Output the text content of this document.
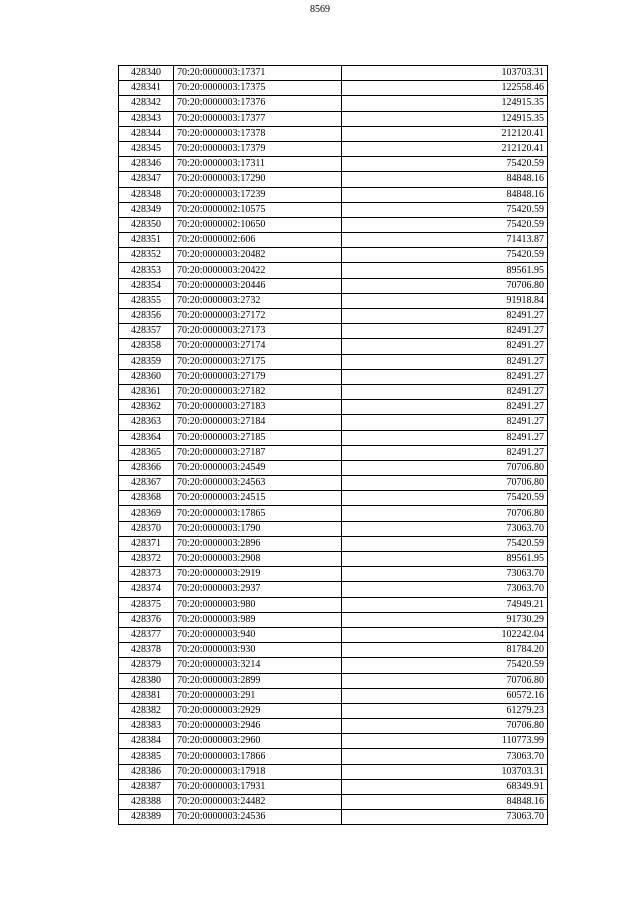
8569
428340	70:20:0000003:17371	103703.31
428341	70:20:0000003:17375	122558.46
428342	70:20:0000003:17376	124915.35
428343	70:20:0000003:17377	124915.35
428344	70:20:0000003:17378	212120.41
428345	70:20:0000003:17379	212120.41
428346	70:20:0000003:17311	75420.59
428347	70:20:0000003:17290	84848.16
428348	70:20:0000003:17239	84848.16
428349	70:20:0000002:10575	75420.59
428350	70:20:0000002:10650	75420.59
428351	70:20:0000002:606	71413.87
428352	70:20:0000003:20482	75420.59
428353	70:20:0000003:20422	89561.95
428354	70:20:0000003:20446	70706.80
428355	70:20:0000003:2732	91918.84
428356	70:20:0000003:27172	82491.27
428357	70:20:0000003:27173	82491.27
428358	70:20:0000003:27174	82491.27
428359	70:20:0000003:27175	82491.27
428360	70:20:0000003:27179	82491.27
428361	70:20:0000003:27182	82491.27
428362	70:20:0000003:27183	82491.27
428363	70:20:0000003:27184	82491.27
428364	70:20:0000003:27185	82491.27
428365	70:20:0000003:27187	82491.27
428366	70:20:0000003:24549	70706.80
428367	70:20:0000003:24563	70706.80
428368	70:20:0000003:24515	75420.59
428369	70:20:0000003:17865	70706.80
428370	70:20:0000003:1790	73063.70
428371	70:20:0000003:2896	75420.59
428372	70:20:0000003:2908	89561.95
428373	70:20:0000003:2919	73063.70
428374	70:20:0000003:2937	73063.70
428375	70:20:0000003:980	74949.21
428376	70:20:0000003:989	91730.29
428377	70:20:0000003:940	102242.04
428378	70:20:0000003:930	81784.20
428379	70:20:0000003:3214	75420.59
428380	70:20:0000003:2899	70706.80
428381	70:20:0000003:291	60572.16
428382	70:20:0000003:2929	61279.23
428383	70:20:0000003:2946	70706.80
428384	70:20:0000003:2960	110773.99
428385	70:20:0000003:17866	73063.70
428386	70:20:0000003:17918	103703.31
428387	70:20:0000003:17931	68349.91
428388	70:20:0000003:24482	84848.16
428389	70:20:0000003:24536	73063.70
